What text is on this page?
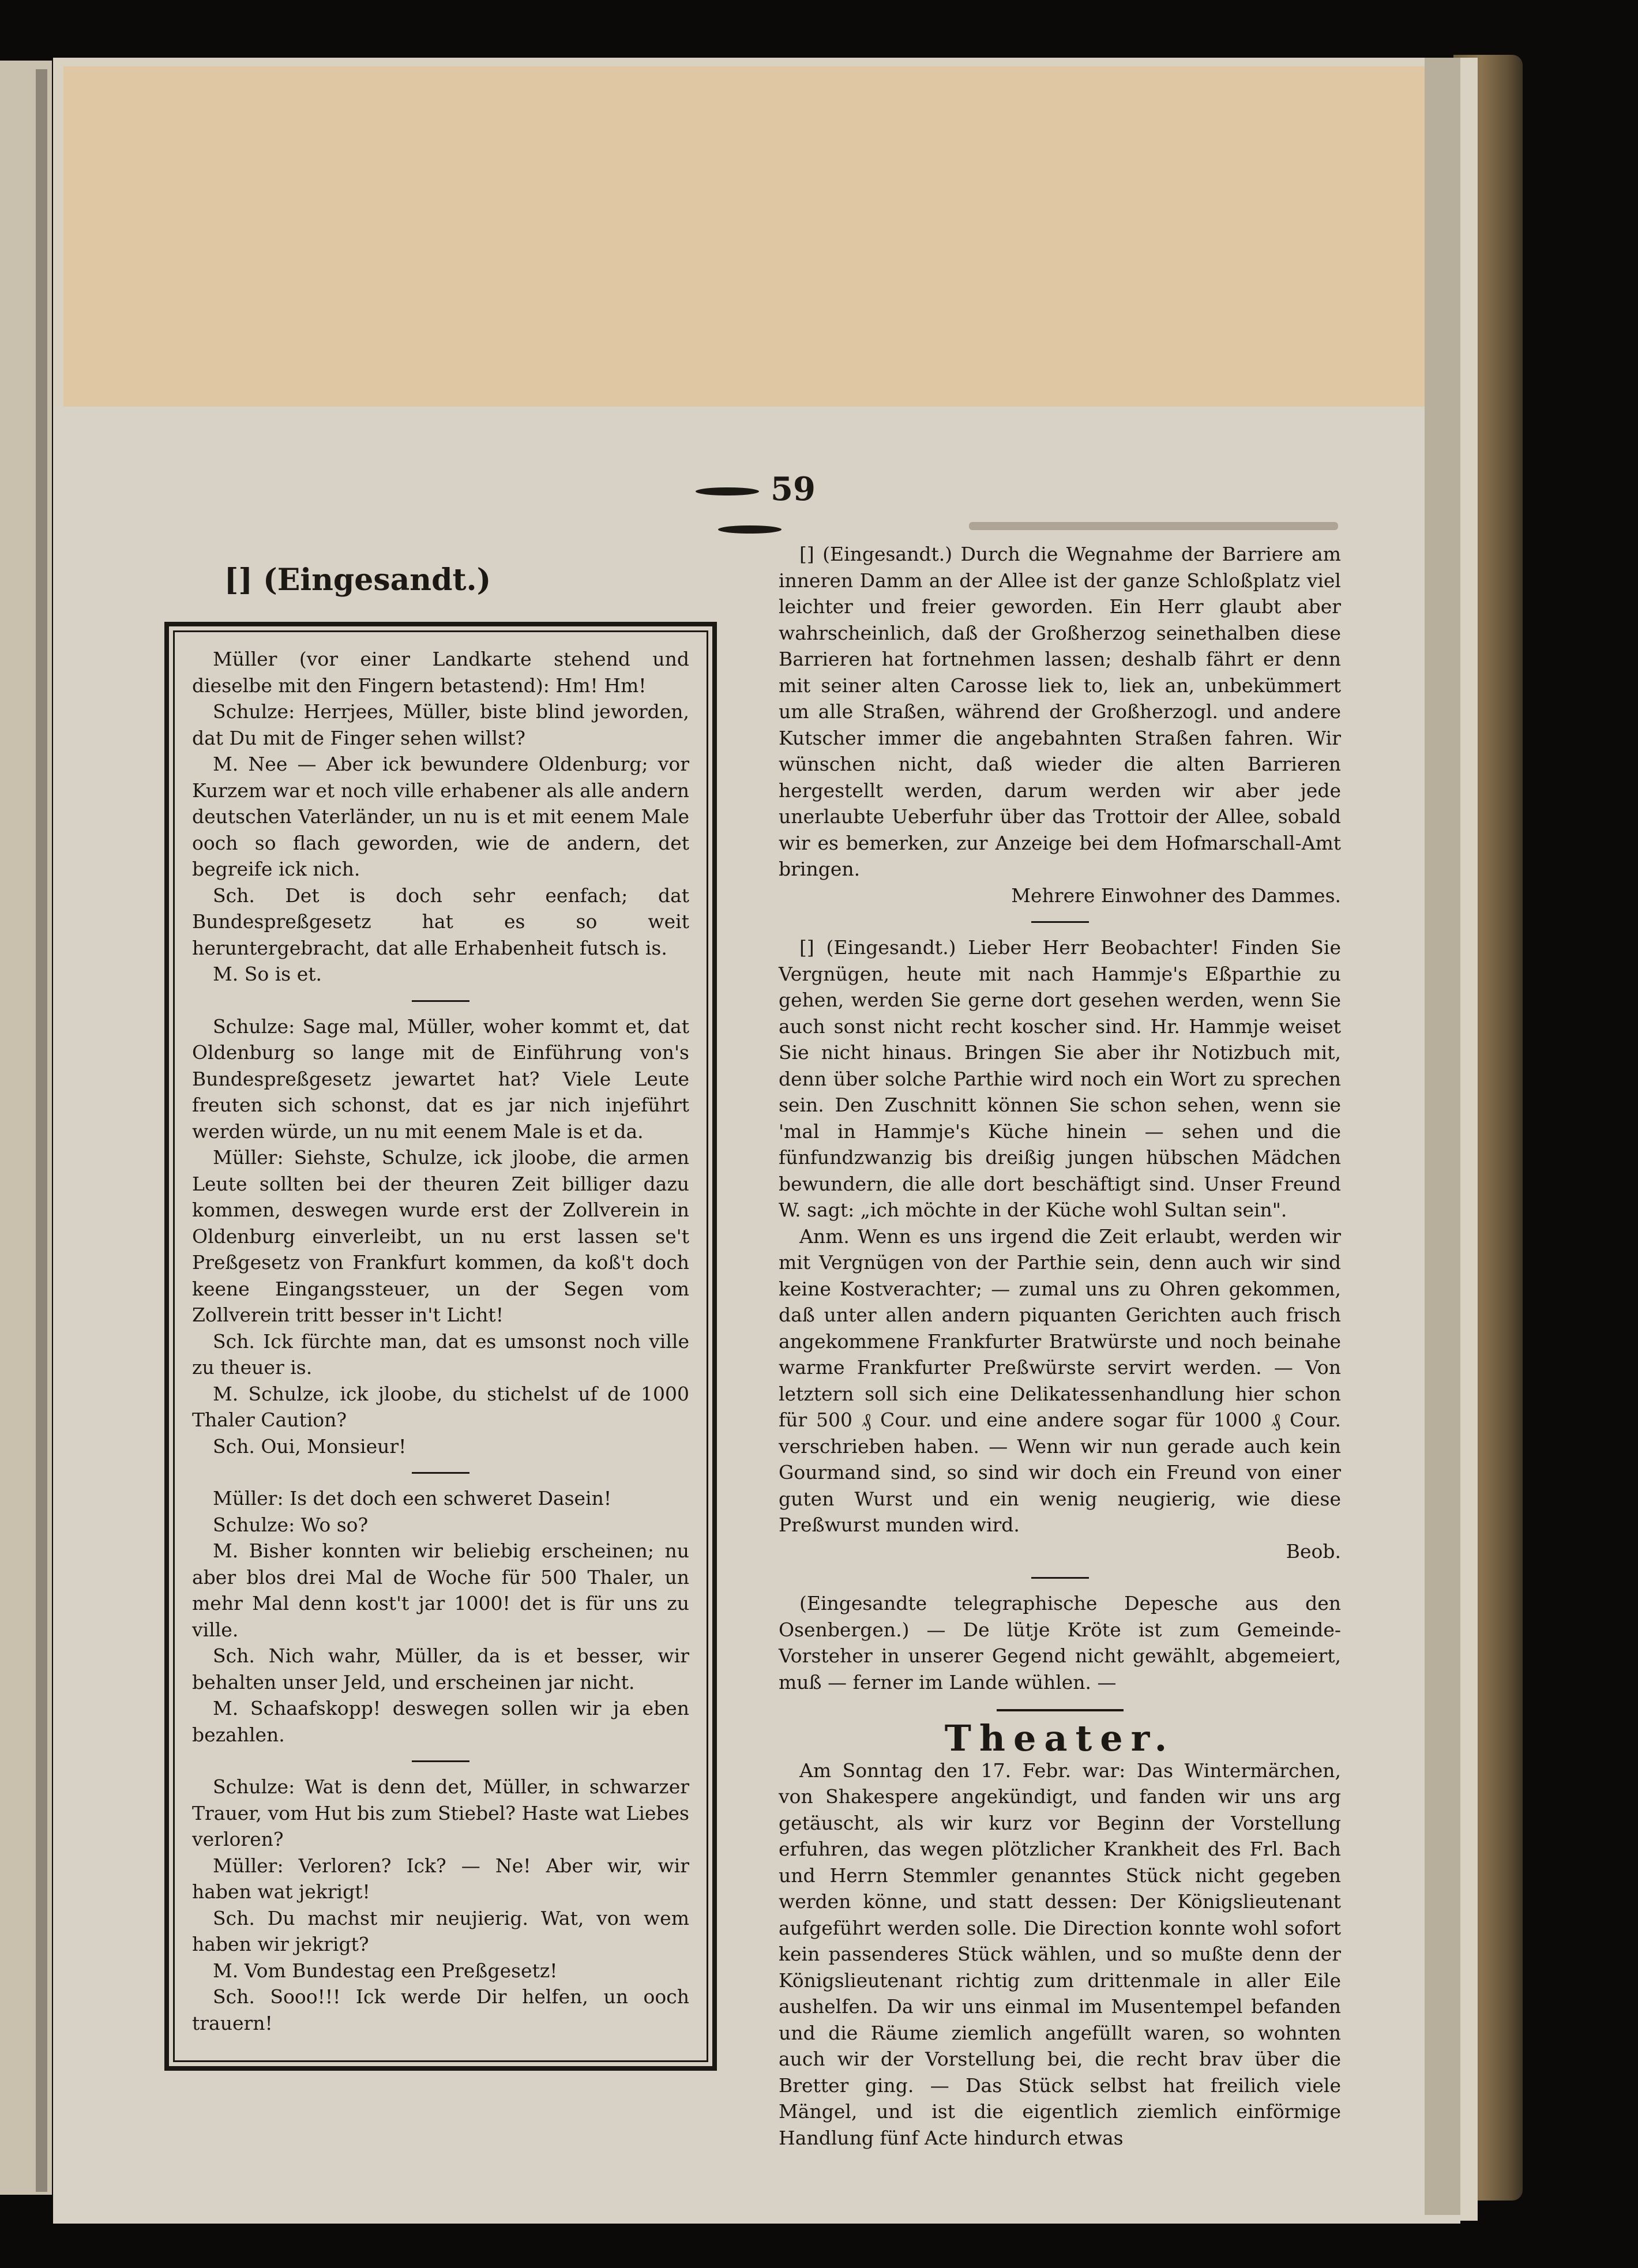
59
[] (Eingesandt.)

Müller (vor einer Landkarte stehend und dieselbe mit den Fingern betastend): Hm! Hm!

Schulze: Herrjees, Müller, biste blind jeworden, dat Du mit de Finger sehen willst?

M. Nee — Aber ick bewundere Oldenburg; vor Kurzem war et noch ville erhabener als alle andern deutschen Vaterländer, un nu is et mit eenem Male ooch so flach geworden, wie de andern, det begreife ick nich.

Sch. Det is doch sehr eenfach; dat Bundespreßgesetz hat es so weit heruntergebracht, dat alle Erhabenheit futsch is.

M. So is et.

Schulze: Sage mal, Müller, woher kommt et, dat Oldenburg so lange mit de Einführung von's Bundespreßgesetz jewartet hat? Viele Leute freuten sich schonst, dat es jar nich injeführt werden würde, un nu mit eenem Male is et da.

Müller: Siehste, Schulze, ick jloobe, die armen Leute sollten bei der theuren Zeit billiger dazu kommen, deswegen wurde erst der Zollverein in Oldenburg einverleibt, un nu erst lassen se't Preßgesetz von Frankfurt kommen, da koß't doch keene Eingangssteuer, un der Segen vom Zollverein tritt besser in't Licht!

Sch. Ick fürchte man, dat es umsonst noch ville zu theuer is.

M. Schulze, ick jloobe, du stichelst uf de 1000 Thaler Caution?

Sch. Oui, Monsieur!

Müller: Is det doch een schweret Dasein!

Schulze: Wo so?

M. Bisher konnten wir beliebig erscheinen; nu aber blos drei Mal de Woche für 500 Thaler, un mehr Mal denn kost't jar 1000! det is für uns zu ville.

Sch. Nich wahr, Müller, da is et besser, wir behalten unser Jeld, und erscheinen jar nicht.

M. Schaafskopp! deswegen sollen wir ja eben bezahlen.

Schulze: Wat is denn det, Müller, in schwarzer Trauer, vom Hut bis zum Stiebel? Haste wat Liebes verloren?

Müller: Verloren? Ick? — Ne! Aber wir, wir haben wat jekrigt!

Sch. Du machst mir neujierig. Wat, von wem haben wir jekrigt?

M. Vom Bundestag een Preßgesetz!

Sch. Sooo!!! Ick werde Dir helfen, un ooch trauern!

[] (Eingesandt.) Durch die Wegnahme der Barriere am inneren Damm an der Allee ist der ganze Schloßplatz viel leichter und freier geworden. Ein Herr glaubt aber wahrscheinlich, daß der Großherzog seinethalben diese Barrieren hat fortnehmen lassen; deshalb fährt er denn mit seiner alten Carosse liek to, liek an, unbekümmert um alle Straßen, während der Großherzogl. und andere Kutscher immer die angebahnten Straßen fahren. Wir wünschen nicht, daß wieder die alten Barrieren hergestellt werden, darum werden wir aber jede unerlaubte Ueberfuhr über das Trottoir der Allee, sobald wir es bemerken, zur Anzeige bei dem Hofmarschall-Amt bringen.

Mehrere Einwohner des Dammes.

[] (Eingesandt.) Lieber Herr Beobachter! Finden Sie Vergnügen, heute mit nach Hammje's Eßparthie zu gehen, werden Sie gerne dort gesehen werden, wenn Sie auch sonst nicht recht koscher sind. Hr. Hammje weiset Sie nicht hinaus. Bringen Sie aber ihr Notizbuch mit, denn über solche Parthie wird noch ein Wort zu sprechen sein. Den Zuschnitt können Sie schon sehen, wenn sie 'mal in Hammje's Küche hinein — sehen und die fünfundzwanzig bis dreißig jungen hübschen Mädchen bewundern, die alle dort beschäftigt sind. Unser Freund W. sagt: „ich möchte in der Küche wohl Sultan sein".

Anm. Wenn es uns irgend die Zeit erlaubt, werden wir mit Vergnügen von der Parthie sein, denn auch wir sind keine Kostverachter; — zumal uns zu Ohren gekommen, daß unter allen andern piquanten Gerichten auch frisch angekommene Frankfurter Bratwürste und noch beinahe warme Frankfurter Preßwürste servirt werden. — Von letztern soll sich eine Delikatessenhandlung hier schon für 500 ₰ Cour. und eine andere sogar für 1000 ₰ Cour. verschrieben haben. — Wenn wir nun gerade auch kein Gourmand sind, so sind wir doch ein Freund von einer guten Wurst und ein wenig neugierig, wie diese Preßwurst munden wird.

Beob.

(Eingesandte telegraphische Depesche aus den Osenbergen.) — De lütje Kröte ist zum Gemeinde-Vorsteher in unserer Gegend nicht gewählt, abgemeiert, muß — ferner im Lande wühlen. —

Theater.

Am Sonntag den 17. Febr. war: Das Wintermärchen, von Shakespere angekündigt, und fanden wir uns arg getäuscht, als wir kurz vor Beginn der Vorstellung erfuhren, das wegen plötzlicher Krankheit des Frl. Bach und Herrn Stemmler genanntes Stück nicht gegeben werden könne, und statt dessen: Der Königslieutenant aufgeführt werden solle. Die Direction konnte wohl sofort kein passenderes Stück wählen, und so mußte denn der Königslieutenant richtig zum drittenmale in aller Eile aushelfen. Da wir uns einmal im Musentempel befanden und die Räume ziemlich angefüllt waren, so wohnten auch wir der Vorstellung bei, die recht brav über die Bretter ging. — Das Stück selbst hat freilich viele Mängel, und ist die eigentlich ziemlich einförmige Handlung fünf Acte hindurch etwas
